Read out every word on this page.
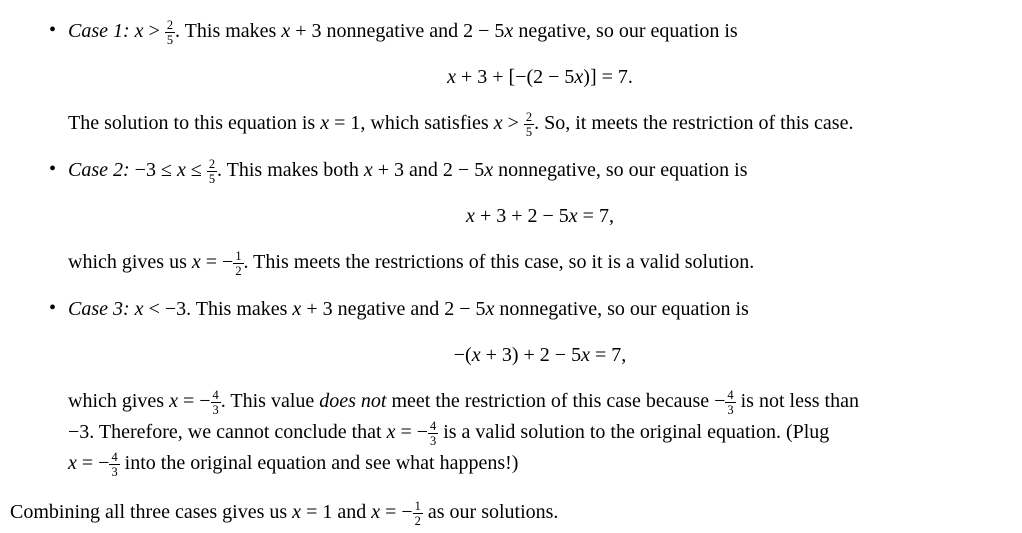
• Case 1: $x > \frac{2}{5}$ . This makes x + 3 nonnegative and 2 − 5x negative, so our equation is
x + 3 + [−(2 − 5x)] = 7.
The solution to this equation is x = 1, which satisfies $x > \frac{2}{5}$ . So, it meets the restriction of this case.
• Case 2: $-3 \le x \le \frac{2}{5}$ . This makes both x + 3 and 2 − 5x nonnegative, so our equation is
x + 3 + 2 − 5x = 7,
which gives us x = − $\frac{1}{2}$ . This meets the restrictions of this case, so it is a valid solution.
• Case 3: x < −3. This makes x + 3 negative and 2 − 5x nonnegative, so our equation is
−(x + 3) + 2 − 5x = 7,
which gives x = − $\frac{4}{3}$ . This value does not meet the restriction of this case because − $\frac{4}{3}$ is not less than
−3. Therefore, we cannot conclude that x = − $\frac{4}{3}$ is a valid solution to the original equation. (Plug
x = − $\frac{4}{3}$ into the original equation and see what happens!)
Combining all three cases gives us x = 1 and x = − $\frac{1}{2}$ as our solutions.
